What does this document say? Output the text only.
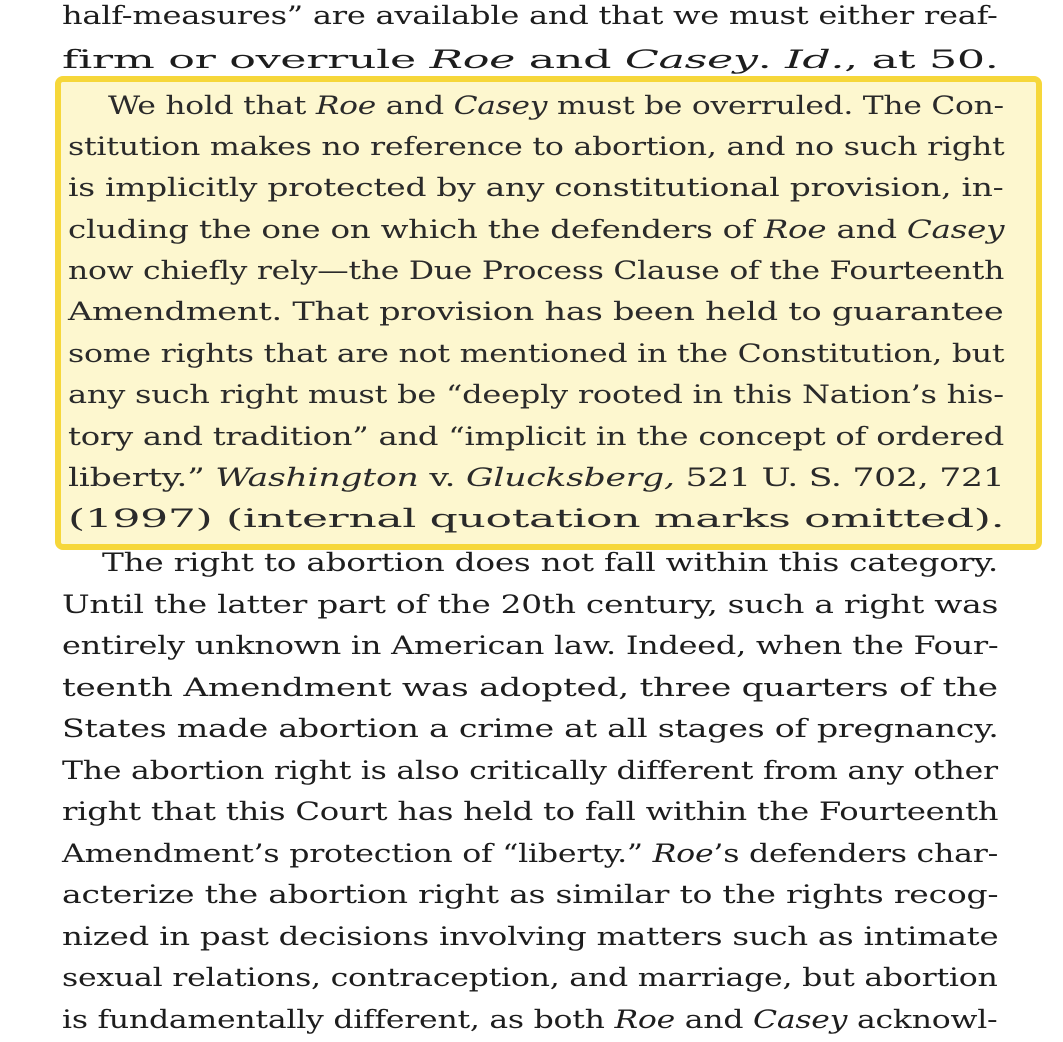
half-measures” are available and that we must either reaf-
firm or overrule Roe and Casey. Id., at 50.
We hold that Roe and Casey must be overruled. The Con-
stitution makes no reference to abortion, and no such right
is implicitly protected by any constitutional provision, in-
cluding the one on which the defenders of Roe and Casey
now chiefly rely—the Due Process Clause of the Fourteenth
Amendment. That provision has been held to guarantee
some rights that are not mentioned in the Constitution, but
any such right must be “deeply rooted in this Nation’s his-
tory and tradition” and “implicit in the concept of ordered
liberty.” Washington v. Glucksberg, 521 U. S. 702, 721
(1997) (internal quotation marks omitted).
The right to abortion does not fall within this category.
Until the latter part of the 20th century, such a right was
entirely unknown in American law. Indeed, when the Four-
teenth Amendment was adopted, three quarters of the
States made abortion a crime at all stages of pregnancy.
The abortion right is also critically different from any other
right that this Court has held to fall within the Fourteenth
Amendment’s protection of “liberty.” Roe’s defenders char-
acterize the abortion right as similar to the rights recog-
nized in past decisions involving matters such as intimate
sexual relations, contraception, and marriage, but abortion
is fundamentally different, as both Roe and Casey acknowl-
